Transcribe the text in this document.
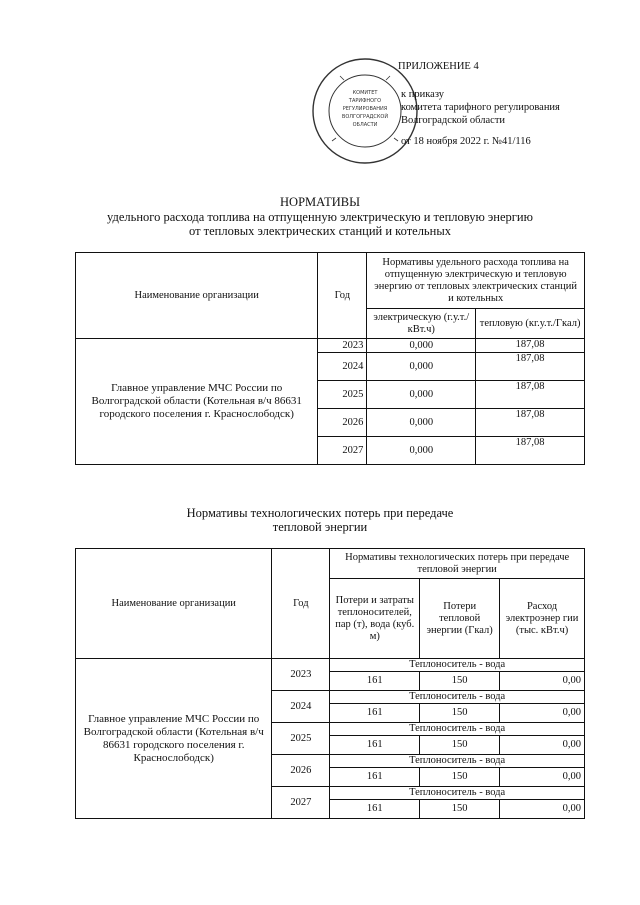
КОМИТЕТ
ТАРИФНОГО
РЕГУЛИРОВАНИЯ
ВОЛГОГРАДСКОЙ
ОБЛАСТИ
ПРИЛОЖЕНИЕ 4
к приказу
комитета тарифного регулирования
Волгоградской области
от 18 ноября 2022 г. №41/116
НОРМАТИВЫ
удельного расхода топлива на отпущенную электрическую и тепловую энергию
от тепловых электрических станций и котельных
Наименование организации	Год	Нормативы удельного расхода топлива на отпущенную электрическую и тепловую энергию от тепловых электрических станций и котельных	
		электрическую (г.у.т./кВт.ч)	тепловую (кг.у.т./Гкал)
Главное управление МЧС России по Волгоградской области (Котельная в/ч 86631 городского поселения г. Краснослободск)	2023	0,000	187,08
	2024	0,000	187,08
	2025	0,000	187,08
	2026	0,000	187,08
	2027	0,000	187,08
Нормативы технологических потерь при передаче
тепловой энергии
Наименование организации	Год	Нормативы технологических потерь при передаче тепловой энергии		
		Потери и затраты теплоносителей, пар (т), вода (куб. м)	Потери тепловой энергии (Гкал)	Расход электроэнер гии (тыс. кВт.ч)
Главное управление МЧС России по Волгоградской области (Котельная в/ч 86631 городского поселения г. Краснослободск)	2023	Теплоноситель - вода		
		161	150	0,00
	2024	Теплоноситель - вода		
		161	150	0,00
	2025	Теплоноситель - вода		
		161	150	0,00
	2026	Теплоноситель - вода		
		161	150	0,00
	2027	Теплоноситель - вода		
		161	150	0,00
